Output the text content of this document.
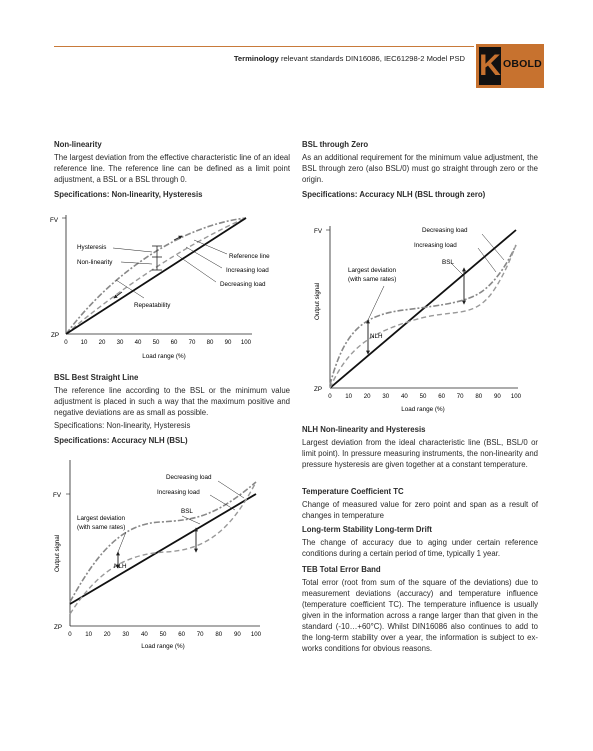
Terminology relevant standards DIN16086, IEC61298-2 Model PSD K OBOLD
Non-linearity

The largest deviation from the effective characteristic line of an ideal reference line. The reference line can be defined as a limit point adjustment, a BSL or a BSL through 0.

Specifications: Non-linearity, Hysteresis

FV
ZP
Hysteresis
Non-linearity
Reference line
Increasing load
Decreasing load
Repeatability
0 10 20 30 40 50 60 70 80 90 100
Load range (%)
BSL Best Straight Line

The reference line according to the BSL or the minimum value adjustment is placed in such a way that the maximum positive and negative deviations are as small as possible.

Specifications: Non-linearity, Hysteresis

Specifications: Accuracy NLH (BSL)

FV
ZP
Output signal
Decreasing load
Increasing load
BSL
Largest deviation
(with same rates)
NLH
0 10 20 30 40 50 60 70 80 90 100
Load range (%)
BSL through Zero

As an additional requirement for the minimum value adjustment, the BSL through zero (also BSL/0) must go straight through zero or the origin.

Specifications: Accuracy NLH (BSL through zero)

FV
ZP
Output signal
Decreasing load
Increasing load
BSL
Largest deviation
(with same rates)
NLH
0 10 20 30 40 50 60 70 80 90 100
Load range (%)
NLH Non-linearity and Hysteresis

Largest deviation from the ideal characteristic line (BSL, BSL/0 or limit point). In pressure measuring instruments, the non-linearity and pressure hysteresis are given together at a constant temperature.

Temperature Coefficient TC

Change of measured value for zero point and span as a result of changes in temperature

Long-term Stability Long-term Drift

The change of accuracy due to aging under certain reference conditions during a certain period of time, typically 1 year.

TEB Total Error Band

Total error (root from sum of the square of the deviations) due to measurement deviations (accuracy) and temperature influence (temperature coefficient TC). The temperature influence is usually given in the information across a range larger than that given in the standard (-10…+60°C). Whilst DIN16086 also continues to add to the long-term stability over a year, the information is subject to ex-works conditions for obvious reasons.
